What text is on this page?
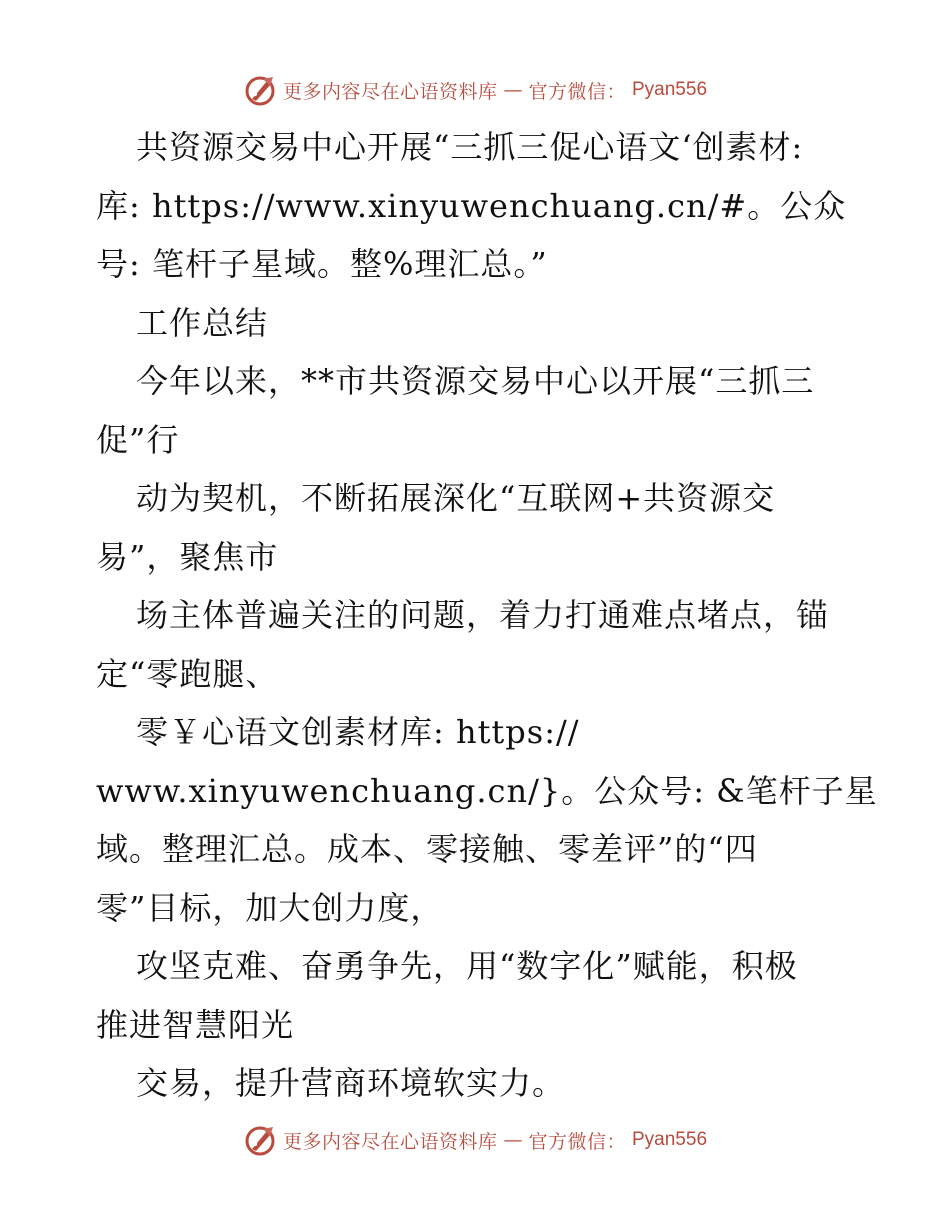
更多内容尽在心语资料库 — 官方微信： Pyan556
共资源交易中心开展“三抓三促心语文‘创素材:
库: https://www.xinyuwenchuang.cn/#。公众
号: 笔杆子星域。整%理汇总。”
工作总结
今年以来，**市共资源交易中心以开展“三抓三
促”行
动为契机，不断拓展深化“互联网+共资源交
易”，聚焦市
场主体普遍关注的问题，着力打通难点堵点，锚
定“零跑腿、
零￥心语文创素材库: https://
www.xinyuwenchuang.cn/}。公众号: &笔杆子星
域。整理汇总。成本、零接触、零差评”的“四
零”目标，加大创力度，
攻坚克难、奋勇争先，用“数字化”赋能，积极
推进智慧阳光
交易，提升营商环境软实力。
更多内容尽在心语资料库 — 官方微信： Pyan556
